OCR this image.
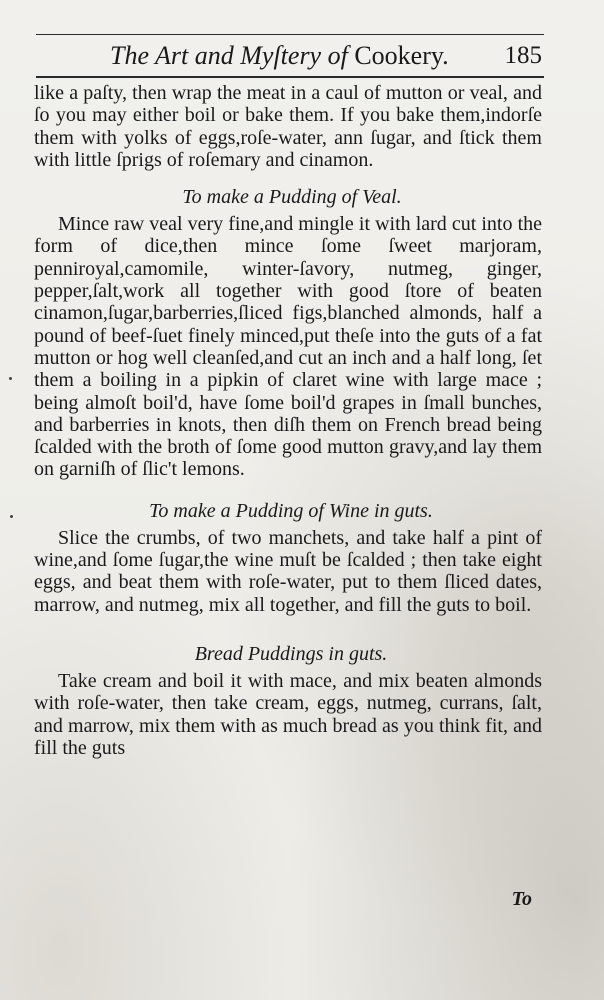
The Art and Myſtery of Cookery. 185

like a paſty, then wrap the meat in a caul of mutton or veal, and ſo you may either boil or bake them. If you bake them,indorſe them with yolks of eggs,roſe-water, ann ſugar, and ſtick them with little ſprigs of roſemary and cinamon.

To make a Pudding of Veal.

Mince raw veal very fine,and mingle it with lard cut into the form of dice,then mince ſome ſweet marjoram, penniroyal,camomile, winter-ſavory, nutmeg, ginger, pepper,ſalt,work all together with good ſtore of beaten cinamon,ſugar,barberries,ſliced figs,blanched almonds, half a pound of beef-ſuet finely minced,put theſe into the guts of a fat mutton or hog well cleanſed,and cut an inch and a half long, ſet them a boiling in a pipkin of claret wine with large mace ; being almoſt boil'd, have ſome boil'd grapes in ſmall bunches, and barberries in knots, then diſh them on French bread being ſcalded with the broth of ſome good mutton gravy,and lay them on garniſh of ſlic't lemons.

To make a Pudding of Wine in guts.

Slice the crumbs, of two manchets, and take half a pint of wine,and ſome ſugar,the wine muſt be ſcalded ; then take eight eggs, and beat them with roſe-water, put to them ſliced dates, marrow, and nutmeg, mix all together, and fill the guts to boil.

Bread Puddings in guts.

Take cream and boil it with mace, and mix beaten almonds with roſe-water, then take cream, eggs, nutmeg, currans, ſalt, and marrow, mix them with as much bread as you think fit, and fill the guts

To
